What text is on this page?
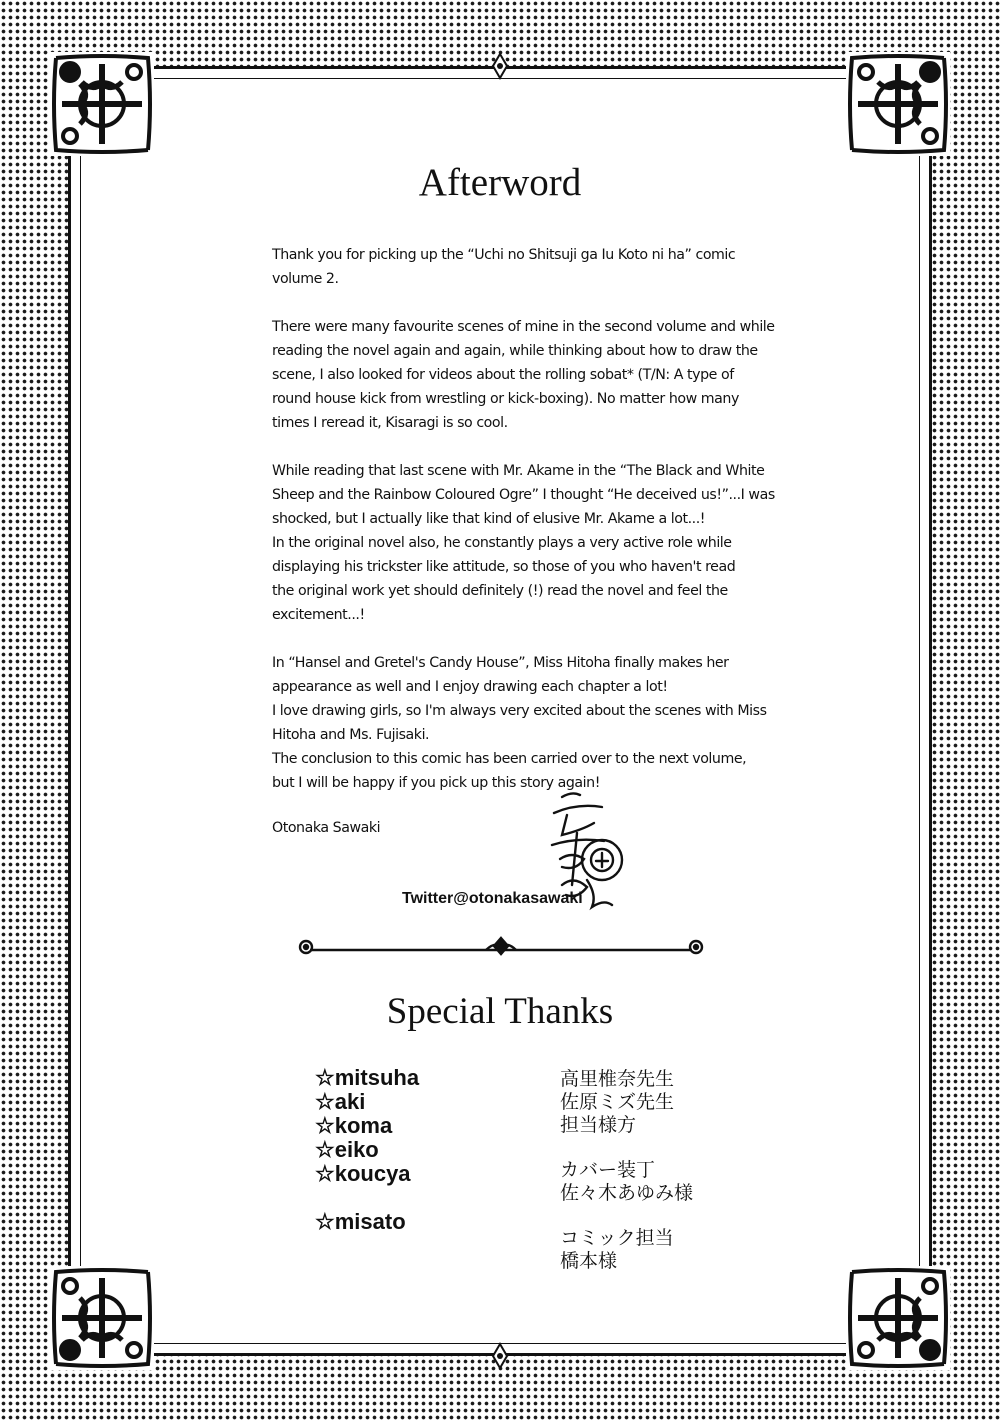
Afterword

Thank you for picking up the “Uchi no Shitsuji ga Iu Koto ni ha” comic
volume 2.

There were many favourite scenes of mine in the second volume and while
reading the novel again and again, while thinking about how to draw the
scene, I also looked for videos about the rolling sobat* (T/N: A type of
round house kick from wrestling or kick-boxing). No matter how many
times I reread it, Kisaragi is so cool.

While reading that last scene with Mr. Akame in the “The Black and White
Sheep and the Rainbow Coloured Ogre” I thought “He deceived us!”...I was
shocked, but I actually like that kind of elusive Mr. Akame a lot...!
In the original novel also, he constantly plays a very active role while
displaying his trickster like attitude, so those of you who haven't read
the original work yet should definitely (!) read the novel and feel the
excitement...!

In “Hansel and Gretel's Candy House”, Miss Hitoha finally makes her
appearance as well and I enjoy drawing each chapter a lot!
I love drawing girls, so I'm always very excited about the scenes with Miss
Hitoha and Ms. Fujisaki.
The conclusion to this comic has been carried over to the next volume,
but I will be happy if you pick up this story again!

Otonaka Sawaki
Twitter@otonakasawaki
Special Thanks
☆mitsuha
☆aki
☆koma
☆eiko
☆koucya
☆misato
高里椎奈先生
佐原ミズ先生
担当様方
カバー装丁
佐々木あゆみ様
コミック担当
橋本様
